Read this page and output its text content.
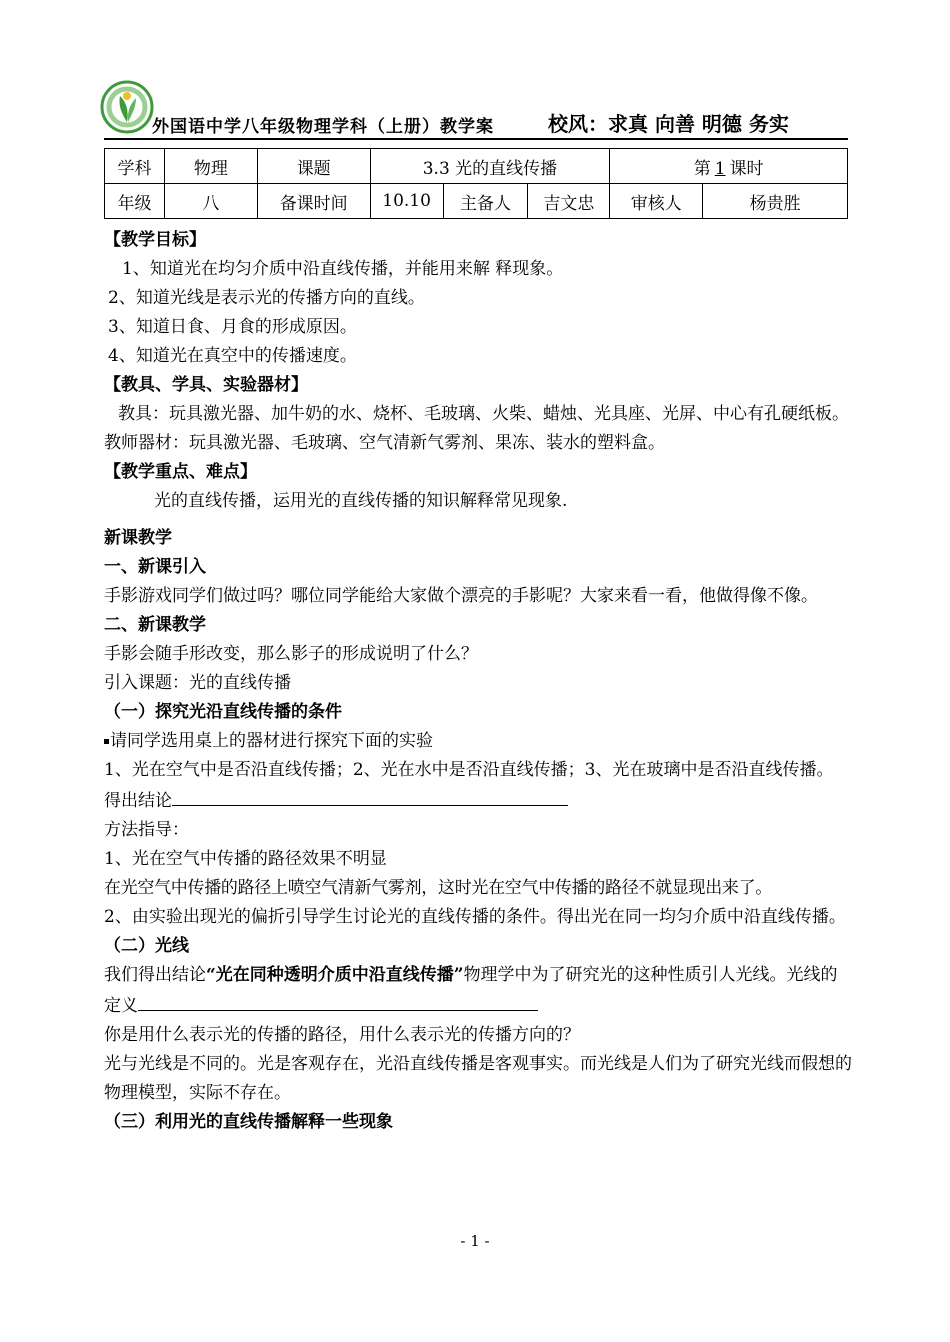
外国语中学八年级物理学科（上册）教学案	校风：求真 向善 明德 务实
学科	物理	课题	3.3 光的直线传播			第 1 课时	
年级	八	备课时间	10.10	主备人	吉文忠	审核人	杨贵胜

【教学目标】

1、知道光在均匀介质中沿直线传播，并能用来解 释现象。

2、知道光线是表示光的传播方向的直线。

3、知道日食、月食的形成原因。

4、知道光在真空中的传播速度。

【教具、学具、实验器材】

教具：玩具激光器、加牛奶的水、烧杯、毛玻璃、火柴、蜡烛、光具座、光屏、中心有孔硬纸板。教师器材：玩具激光器、毛玻璃、空气清新气雾剂、果冻、装水的塑料盒。

【教学重点、难点】

光的直线传播，运用光的直线传播的知识解释常见现象.

新课教学

一、新课引入

手影游戏同学们做过吗？哪位同学能给大家做个漂亮的手影呢？大家来看一看，他做得像不像。

二、新课教学

手影会随手形改变，那么影子的形成说明了什么？

引入课题：光的直线传播

（一）探究光沿直线传播的条件

请同学选用桌上的器材进行探究下面的实验

1、光在空气中是否沿直线传播；2、光在水中是否沿直线传播；3、光在玻璃中是否沿直线传播。

得出结论

方法指导：

1、光在空气中传播的路径效果不明显

在光空气中传播的路径上喷空气清新气雾剂，这时光在空气中传播的路径不就显现出来了。

2、由实验出现光的偏折引导学生讨论光的直线传播的条件。得出光在同一均匀介质中沿直线传播。

（二）光线

我们得出结论“光在同种透明介质中沿直线传播”物理学中为了研究光的这种性质引人光线。光线的定义

你是用什么表示光的传播的路径，用什么表示光的传播方向的？

光与光线是不同的。光是客观存在，光沿直线传播是客观事实。而光线是人们为了研究光线而假想的物理模型，实际不存在。

（三）利用光的直线传播解释一些现象

- 1 -
